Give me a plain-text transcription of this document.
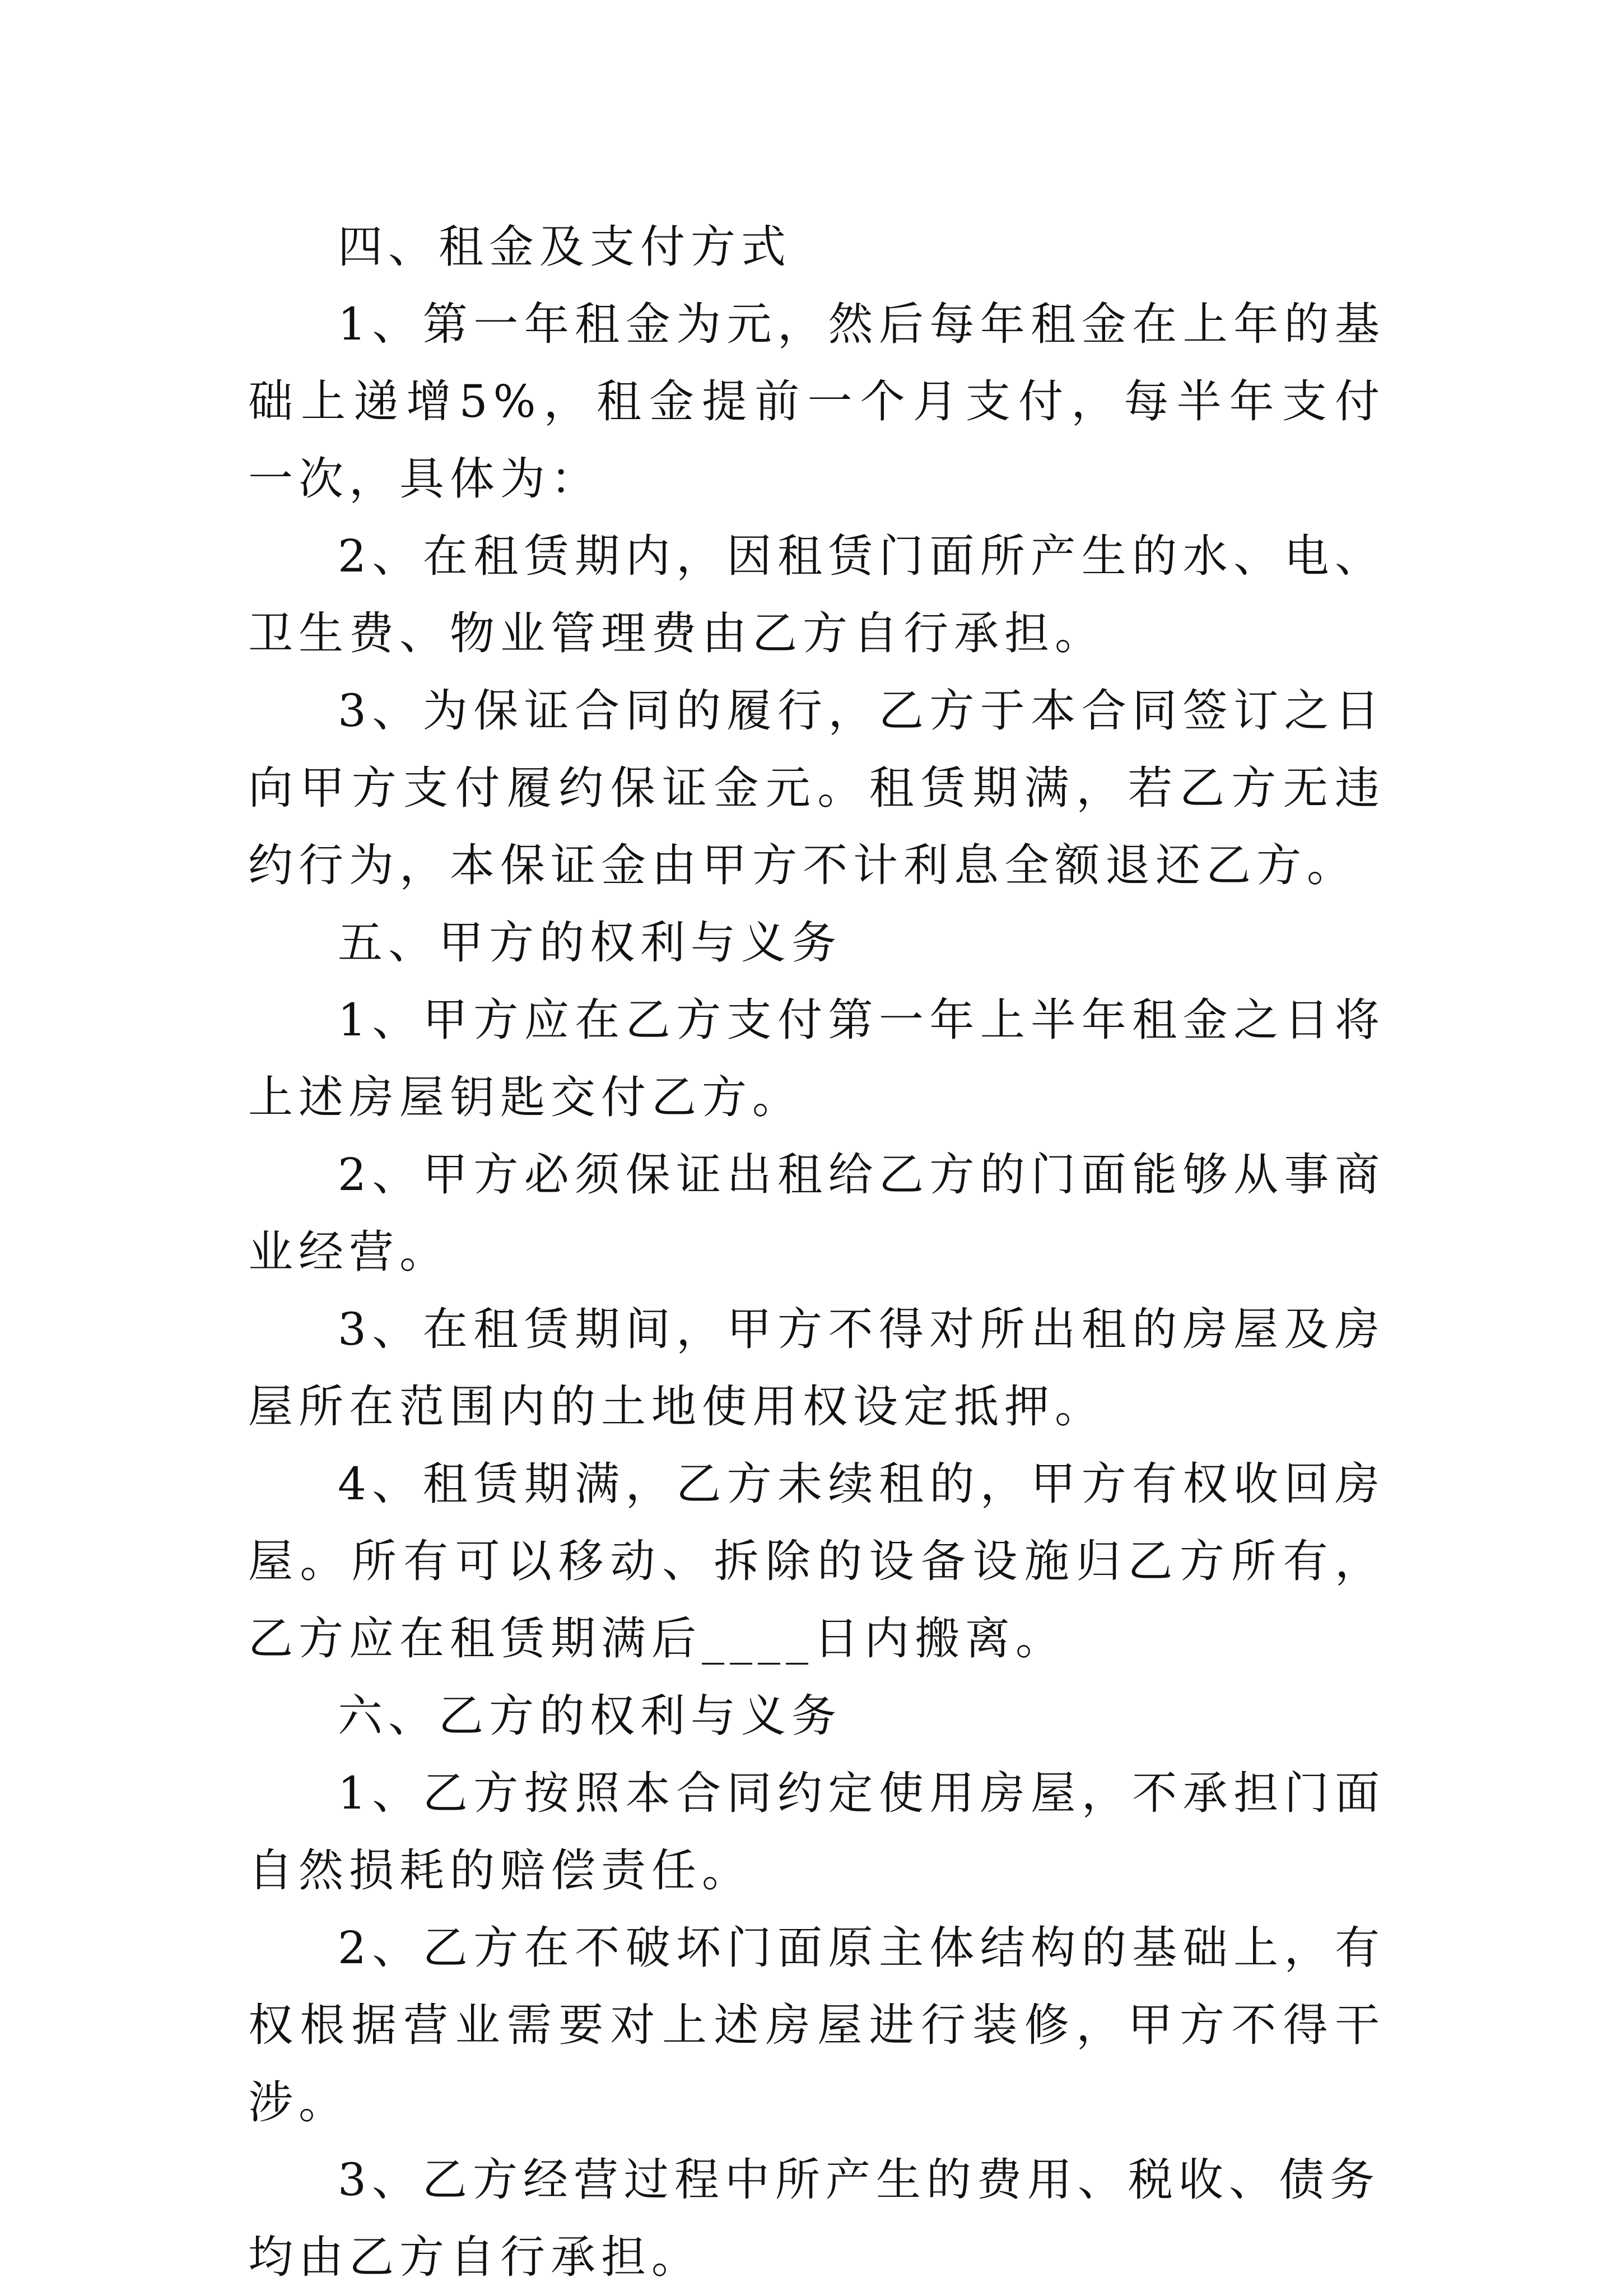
四、租金及支付方式

1、第一年租金为元，然后每年租金在上年的基础上递增5%，租金提前一个月支付，每半年支付一次，具体为：

2、在租赁期内，因租赁门面所产生的水、电、卫生费、物业管理费由乙方自行承担。

3、为保证合同的履行，乙方于本合同签订之日向甲方支付履约保证金元。租赁期满，若乙方无违约行为，本保证金由甲方不计利息全额退还乙方。

五、甲方的权利与义务

1、甲方应在乙方支付第一年上半年租金之日将上述房屋钥匙交付乙方。

2、甲方必须保证出租给乙方的门面能够从事商业经营。

3、在租赁期间，甲方不得对所出租的房屋及房屋所在范围内的土地使用权设定抵押。

4、租赁期满，乙方未续租的，甲方有权收回房屋。所有可以移动、拆除的设备设施归乙方所有，乙方应在租赁期满后____日内搬离。

六、乙方的权利与义务

1、乙方按照本合同约定使用房屋，不承担门面自然损耗的赔偿责任。

2、乙方在不破坏门面原主体结构的基础上，有权根据营业需要对上述房屋进行装修，甲方不得干涉。

3、乙方经营过程中所产生的费用、税收、债务均由乙方自行承担。
